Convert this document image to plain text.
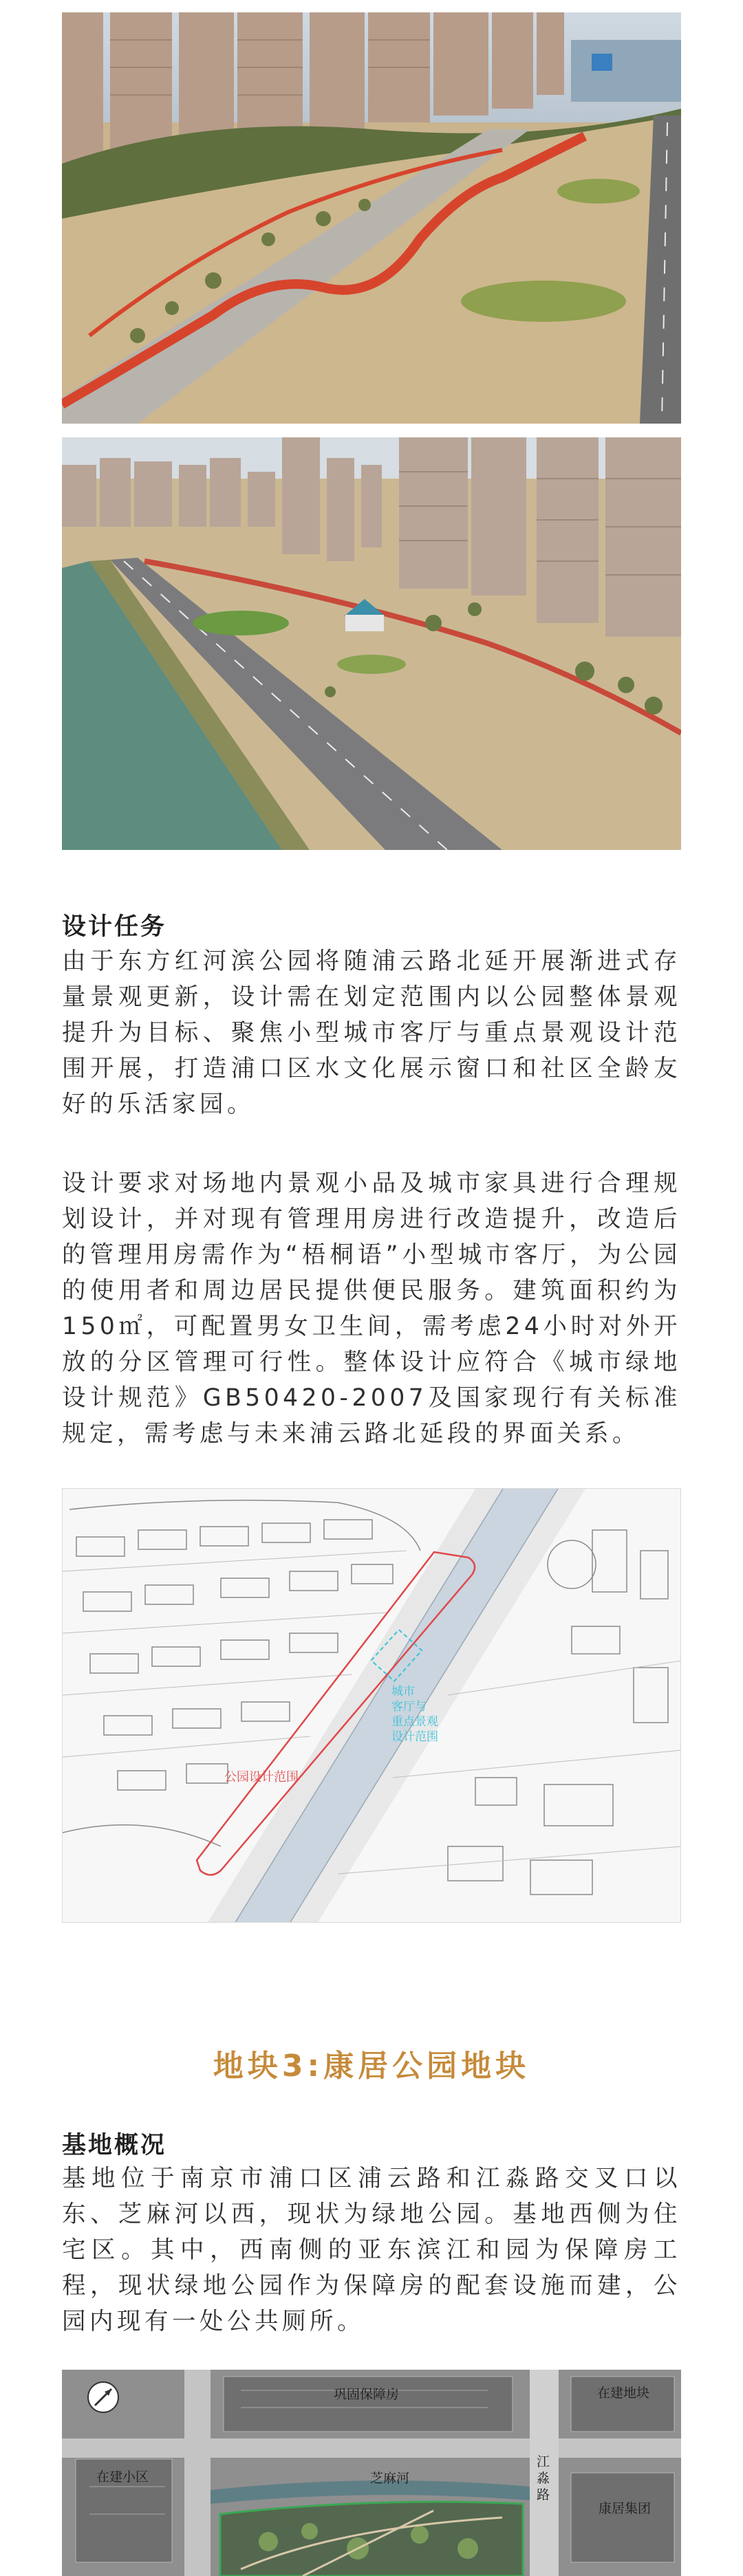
设计任务

由于东方红河滨公园将随浦云路北延开展渐进式存量景观更新，设计需在划定范围内以公园整体景观提升为目标、聚焦小型城市客厅与重点景观设计范围开展，打造浦口区水文化展示窗口和社区全龄友好的乐活家园。

设计要求对场地内景观小品及城市家具进行合理规划设计，并对现有管理用房进行改造提升，改造后的管理用房需作为“梧桐语”小型城市客厅，为公园的使用者和周边居民提供便民服务。建筑面积约为150㎡，可配置男女卫生间，需考虑24小时对外开放的分区管理可行性。整体设计应符合《城市绿地设计规范》GB50420-2007及国家现行有关标准规定，需考虑与未来浦云路北延段的界面关系。

公园设计范围
城市
客厅与
重点景观
设计范围
地块3:康居公园地块
基地概况

基地位于南京市浦口区浦云路和江淼路交叉口以东、芝麻河以西，现状为绿地公园。基地西侧为住宅区。其中，西南侧的亚东滨江和园为保障房工程，现状绿地公园作为保障房的配套设施而建，公园内现有一处公共厕所。

巩固保障房	在建地块
在建小区	芝麻河
江
淼
路
康居集团
